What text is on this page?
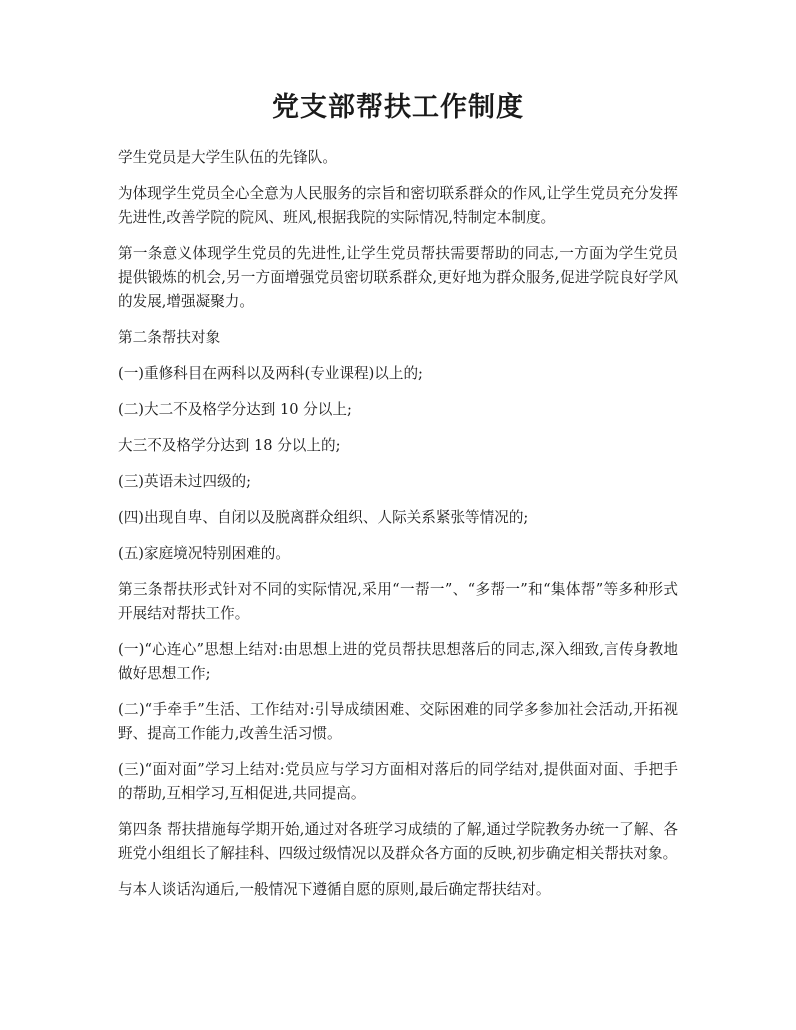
党支部帮扶工作制度

学生党员是大学生队伍的先锋队。

为体现学生党员全心全意为人民服务的宗旨和密切联系群众的作风,让学生党员充分发挥先进性,改善学院的院风、班风,根据我院的实际情况,特制定本制度。

第一条意义体现学生党员的先进性,让学生党员帮扶需要帮助的同志,一方面为学生党员提供锻炼的机会,另一方面增强党员密切联系群众,更好地为群众服务,促进学院良好学风的发展,增强凝聚力。

第二条帮扶对象

(一)重修科目在两科以及两科(专业课程)以上的;

(二)大二不及格学分达到 10 分以上;

大三不及格学分达到 18 分以上的;

(三)英语未过四级的;

(四)出现自卑、自闭以及脱离群众组织、人际关系紧张等情况的;

(五)家庭境况特别困难的。

第三条帮扶形式针对不同的实际情况,采用“一帮一”、“多帮一”和“集体帮”等多种形式开展结对帮扶工作。

(一)“心连心”思想上结对:由思想上进的党员帮扶思想落后的同志,深入细致,言传身教地做好思想工作;

(二)“手牵手”生活、工作结对:引导成绩困难、交际困难的同学多参加社会活动,开拓视野、提高工作能力,改善生活习惯。

(三)“面对面”学习上结对:党员应与学习方面相对落后的同学结对,提供面对面、手把手的帮助,互相学习,互相促进,共同提高。

第四条 帮扶措施每学期开始,通过对各班学习成绩的了解,通过学院教务办统一了解、各班党小组组长了解挂科、四级过级情况以及群众各方面的反映,初步确定相关帮扶对象。

与本人谈话沟通后,一般情况下遵循自愿的原则,最后确定帮扶结对。
